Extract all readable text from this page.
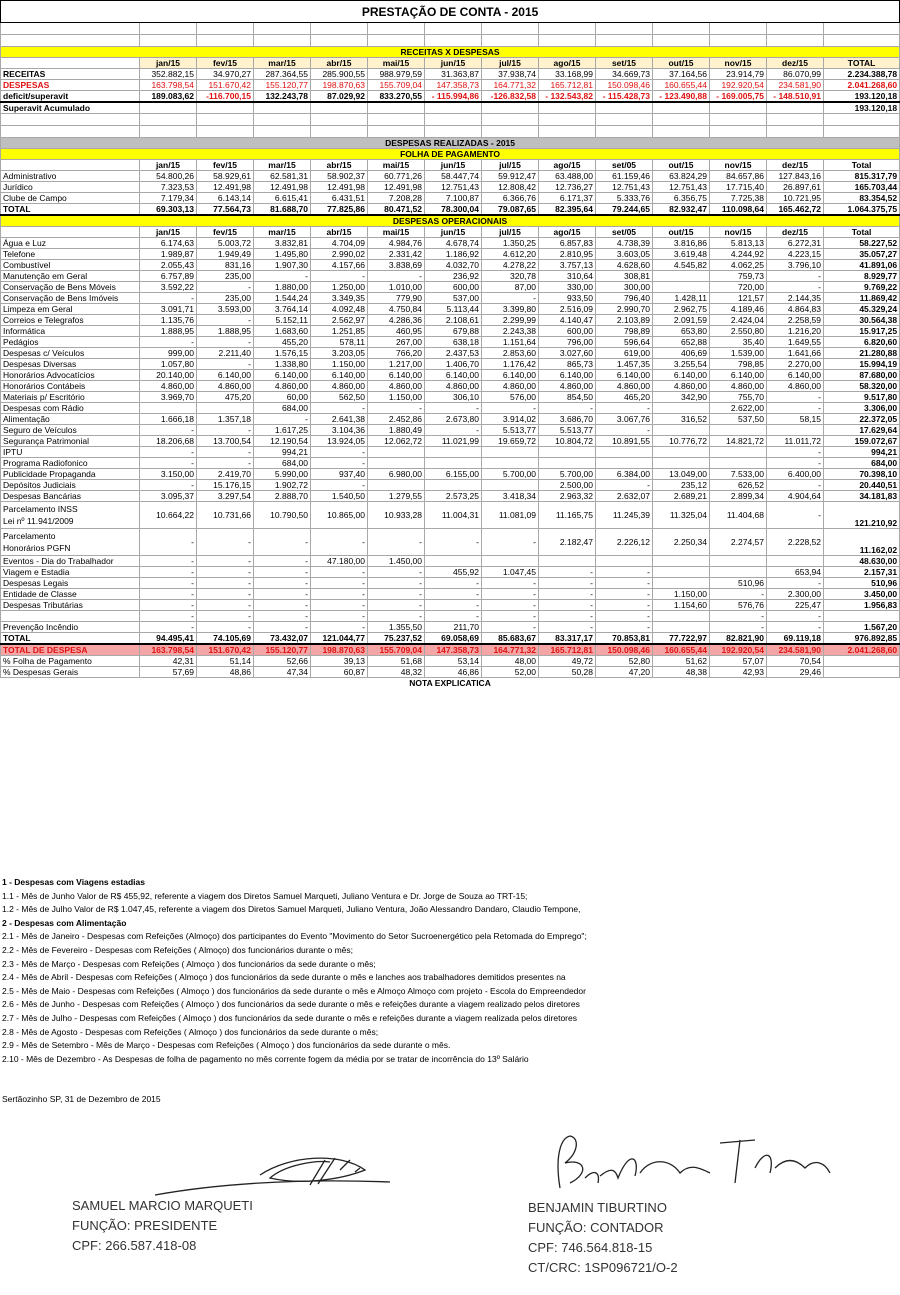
PRESTAÇÃO DE CONTA - 2015													

RECEITAS X DESPESAS													
	jan/15	fev/15	mar/15	abr/15	mai/15	jun/15	jul/15	ago/15	set/15	out/15	nov/15	dez/15	TOTAL
RECEITAS	352.882,15	34.970,27	287.364,55	285.900,55	988.979,59	31.363,87	37.938,74	33.168,99	34.669,73	37.164,56	23.914,79	86.070,99	2.234.388,78
DESPESAS	163.798,54	151.670,42	155.120,77	198.870,63	155.709,04	147.358,73	164.771,32	165.712,81	150.098,46	160.655,44	192.920,54	234.581,90	2.041.268,60
deficit/superavit	189.083,62	-116.700,15	132.243,78	87.029,92	833.270,55	- 115.994,86	-126.832,58	- 132.543,82	- 115.428,73	- 123.490,88	- 169.005,75	- 148.510,91	193.120,18
Superavit Acumulado													193.120,18

DESPESAS REALIZADAS - 2015													
FOLHA DE PAGAMENTO													
	jan/15	fev/15	mar/15	abr/15	mai/15	jun/15	jul/15	ago/15	set/05	out/15	nov/15	dez/15	Total
Administrativo	54.800,26	58.929,61	62.581,31	58.902,37	60.771,26	58.447,74	59.912,47	63.488,00	61.159,46	63.824,29	84.657,86	127.843,16	815.317,79
Jurídico	7.323,53	12.491,98	12.491,98	12.491,98	12.491,98	12.751,43	12.808,42	12.736,27	12.751,43	12.751,43	17.715,40	26.897,61	165.703,44
Clube de Campo	7.179,34	6.143,14	6.615,41	6.431,51	7.208,28	7.100,87	6.366,76	6.171,37	5.333,76	6.356,75	7.725,38	10.721,95	83.354,52
TOTAL	69.303,13	77.564,73	81.688,70	77.825,86	80.471,52	78.300,04	79.087,65	82.395,64	79.244,65	82.932,47	110.098,64	165.462,72	1.064.375,75
DESPESAS OPERACIONAIS													
	jan/15	fev/15	mar/15	abr/15	mai/15	jun/15	jul/15	ago/15	set/05	out/15	nov/15	dez/15	Total
Água e Luz	6.174,63	5.003,72	3.832,81	4.704,09	4.984,76	4.678,74	1.350,25	6.857,83	4.738,39	3.816,86	5.813,13	6.272,31	58.227,52
Telefone	1.989,87	1.949,49	1.495,80	2.990,02	2.331,42	1.186,92	4.612,20	2.810,95	3.603,05	3.619,48	4.244,92	4.223,15	35.057,27
Combustível	2.055,43	831,16	1.907,30	4.157,66	3.838,69	4.032,70	4.278,22	3.757,13	4.628,60	4.545,82	4.062,25	3.796,10	41.891,06
Manutenção em Geral	6.757,89	235,00	-	-	-	236,92	320,78	310,64	308,81		759,73	-	8.929,77
Conservação de Bens Móveis	3.592,22	-	1.880,00	1.250,00	1.010,00	600,00	87,00	330,00	300,00		720,00	-	9.769,22
Conservação de Bens Imóveis	-	235,00	1.544,24	3.349,35	779,90	537,00	-	933,50	796,40	1.428,11	121,57	2.144,35	11.869,42
Limpeza em Geral	3.091,71	3.593,00	3.764,14	4.092,48	4.750,84	5.113,44	3.399,80	2.516,09	2.990,70	2.962,75	4.189,46	4.864,83	45.329,24
Correios e Telegrafos	1.135,76	-	5.152,11	2.562,97	4.286,36	2.108,61	2.299,99	4.140,47	2.103,89	2.091,59	2.424,04	2.258,59	30.564,38
Informática	1.888,95	1.888,95	1.683,60	1.251,85	460,95	679,88	2.243,38	600,00	798,89	653,80	2.550,80	1.216,20	15.917,25
Pedágios	-	-	455,20	578,11	267,00	638,18	1.151,64	796,00	596,64	652,88	35,40	1.649,55	6.820,60
Despesas c/ Veículos	999,00	2.211,40	1.576,15	3.203,05	766,20	2.437,53	2.853,60	3.027,60	619,00	406,69	1.539,00	1.641,66	21.280,88
Despesas Diversas	1.057,80	-	1.338,80	1.150,00	1.217,00	1.406,70	1.176,42	865,73	1.457,35	3.255,54	798,85	2.270,00	15.994,19
Honorários Advocatícios	20.140,00	6.140,00	6.140,00	6.140,00	6.140,00	6.140,00	6.140,00	6.140,00	6.140,00	6.140,00	6.140,00	6.140,00	87.680,00
Honorários Contábeis	4.860,00	4.860,00	4.860,00	4.860,00	4.860,00	4.860,00	4.860,00	4.860,00	4.860,00	4.860,00	4.860,00	4.860,00	58.320,00
Materiais p/ Escritório	3.969,70	475,20	60,00	562,50	1.150,00	306,10	576,00	854,50	465,20	342,90	755,70	-	9.517,80
Despesas com Rádio			684,00	-	-	-	-	-	-		2.622,00	-	3.306,00
Alimentação	1.666,18	1.357,18	-	2.641,38	2.452,86	2.673,80	3.914,02	3.686,70	3.067,76	316,52	537,50	58,15	22.372,05
Seguro de Veículos	-	-	1.617,25	3.104,36	1.880,49	-	5.513,77	5.513,77	-				17.629,64
Segurança Patrimonial	18.206,68	13.700,54	12.190,54	13.924,05	12.062,72	11.021,99	19.659,72	10.804,72	10.891,55	10.776,72	14.821,72	11.011,72	159.072,67
IPTU	-	-	994,21	-								-	994,21
Programa Radiofonico	-	-	684,00	-								-	684,00
Publicidade Propaganda	3.150,00	2.419,70	5.990,00	937,40	6.980,00	6.155,00	5.700,00	5.700,00	6.384,00	13.049,00	7.533,00	6.400,00	70.398,10
Depósitos Judiciais	-	15.176,15	1.902,72	-				2.500,00	-	235,12	626,52	-	20.440,51
Despesas Bancárias	3.095,37	3.297,54	2.888,70	1.540,50	1.279,55	2.573,25	3.418,34	2.963,32	2.632,07	2.689,21	2.899,34	4.904,64	34.181,83

Parcelamento INSS
Lei nº 11.941/2009	10.664,22	10.731,66	10.790,50	10.865,00	10.933,28	11.004,31	11.081,09	11.165,75	11.245,39	11.325,04	11.404,68	-	121.210,92

Parcelamento
Honorários PGFN	-	-	-	-	-	-	-	2.182,47	2.226,12	2.250,34	2.274,57	2.228,52	11.162,02
Eventos - Dia do Trabalhador	-	-	-	47.180,00	1.450,00								48.630,00
Viagem e Estadia	-	-	-	-	-	455,92	1.047,45	-	-			653,94	2.157,31
Despesas Legais	-	-	-	-	-	-	-	-	-		510,96	-	510,96
Entidade de Classe	-	-	-	-	-	-	-	-	-	1.150,00	-	2.300,00	3.450,00
Despesas Tributárias	-	-	-	-	-	-	-	-	-	1.154,60	576,76	225,47	1.956,83
	-	-	-	-	-	-	-	-	-		-	-	
Prevenção Incêndio	-	-	-	-	1.355,50	211,70	-	-	-		-	-	1.567,20
TOTAL	94.495,41	74.105,69	73.432,07	121.044,77	75.237,52	69.058,69	85.683,67	83.317,17	70.853,81	77.722,97	82.821,90	69.119,18	976.892,85
TOTAL DE DESPESA	163.798,54	151.670,42	155.120,77	198.870,63	155.709,04	147.358,73	164.771,32	165.712,81	150.098,46	160.655,44	192.920,54	234.581,90	2.041.268,60
% Folha de Pagamento	42,31	51,14	52,66	39,13	51,68	53,14	48,00	49,72	52,80	51,62	57,07	70,54	
% Despesas Gerais	57,69	48,86	47,34	60,87	48,32	46,86	52,00	50,28	47,20	48,38	42,93	29,46	
NOTA EXPLICATICA													
1 - Despesas com Viagens estadias
1.1 - Mês de Junho Valor de R$ 455,92, referente a viagem dos Diretos Samuel Marqueti, Juliano Ventura e Dr. Jorge de Souza ao TRT-15;
1.2 - Mês de Julho Valor de R$ 1.047,45, referente a viagem dos Diretos Samuel Marqueti, Juliano Ventura, João Alessandro Dandaro, Claudio Tempone,
2 - Despesas com Alimentação
2.1 - Mês de Janeiro - Despesas com Refeições (Almoço) dos participantes do Evento "Movimento do Setor Sucroenergético pela Retomada do Emprego";
2.2 - Mês de Fevereiro - Despesas com Refeições ( Almoço) dos funcionários durante o mês;
2.3 - Mês de Março - Despesas com Refeições ( Almoço ) dos funcionários da sede durante o mês;
2.4 - Mês de Abril - Despesas com Refeições ( Almoço ) dos funcionários da sede durante o mês e lanches aos trabalhadores demitidos presentes na
2.5 - Mês de Maio - Despesas com Refeições ( Almoço ) dos funcionários da sede durante o mês e Almoço Almoço com projeto - Escola do Empreendedor
2.6 - Mês de Junho - Despesas com Refeições ( Almoço ) dos funcionários da sede durante o mês e refeições durante a viagem realizado pelos diretores
2.7 - Mês de Julho - Despesas com Refeições ( Almoço ) dos funcionários da sede durante o mês e refeições durante a viagem realizada pelos diretores
2.8 - Mês de Agosto - Despesas com Refeições ( Almoço ) dos funcionários da sede durante o mês;
2.9 - Mês de Setembro - Mês de Março - Despesas com Refeições ( Almoço ) dos funcionários da sede durante o mês.
2.10 - Mês de Dezembro - As Despesas de folha de pagamento no mês corrente fogem da média por se tratar de incorrência do 13º Salário
Sertãozinho SP, 31 de Dezembro de 2015
SAMUEL MARCIO MARQUETI
FUNÇÃO: PRESIDENTE
CPF: 266.587.418-08
BENJAMIN TIBURTINO
FUNÇÃO: CONTADOR
CPF: 746.564.818-15
CT/CRC: 1SP096721/O-2
